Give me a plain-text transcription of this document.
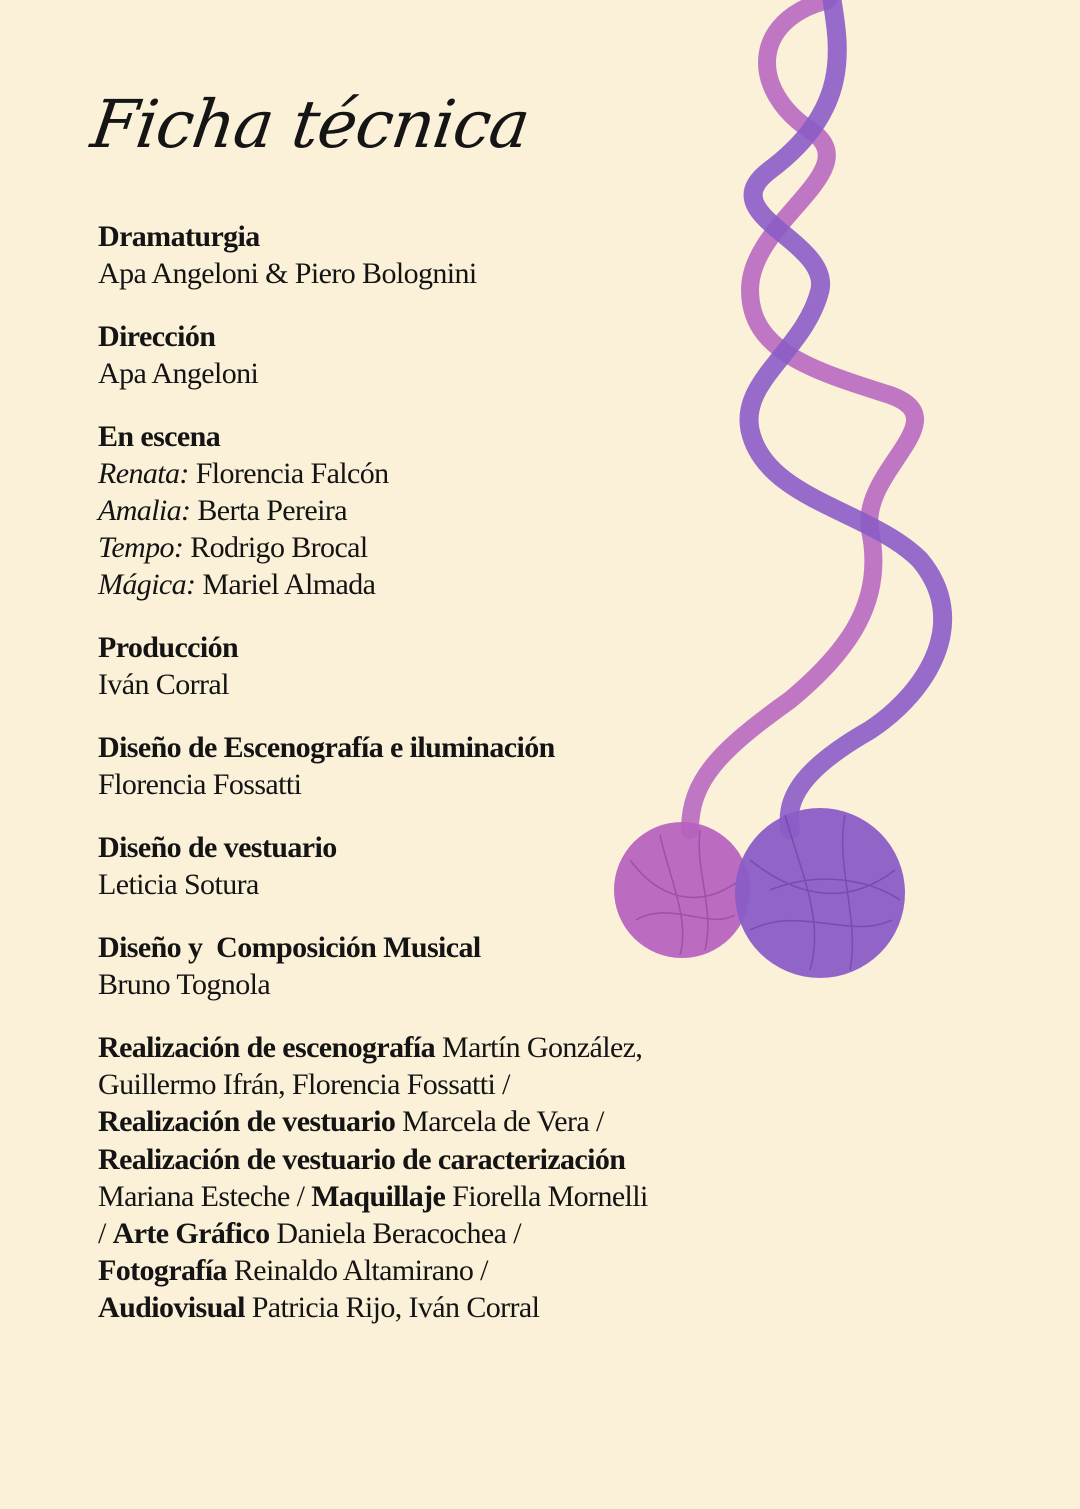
Ficha técnica
Dramaturgia
Apa Angeloni & Piero Bolognini
Dirección
Apa Angeloni
En escena
Renata: Florencia Falcón
Amalia: Berta Pereira
Tempo: Rodrigo Brocal
Mágica: Mariel Almada
Producción
Iván Corral
Diseño de Escenografía e iluminación
Florencia Fossatti
Diseño de vestuario
Leticia Sotura
Diseño y  Composición Musical
Bruno Tognola
Realización de escenografía Martín González,
Guillermo Ifrán, Florencia Fossatti /
Realización de vestuario Marcela de Vera /
Realización de vestuario de caracterización
Mariana Esteche / Maquillaje Fiorella Mornelli
/ Arte Gráfico Daniela Beracochea /
Fotografía Reinaldo Altamirano /
Audiovisual Patricia Rijo, Iván Corral
